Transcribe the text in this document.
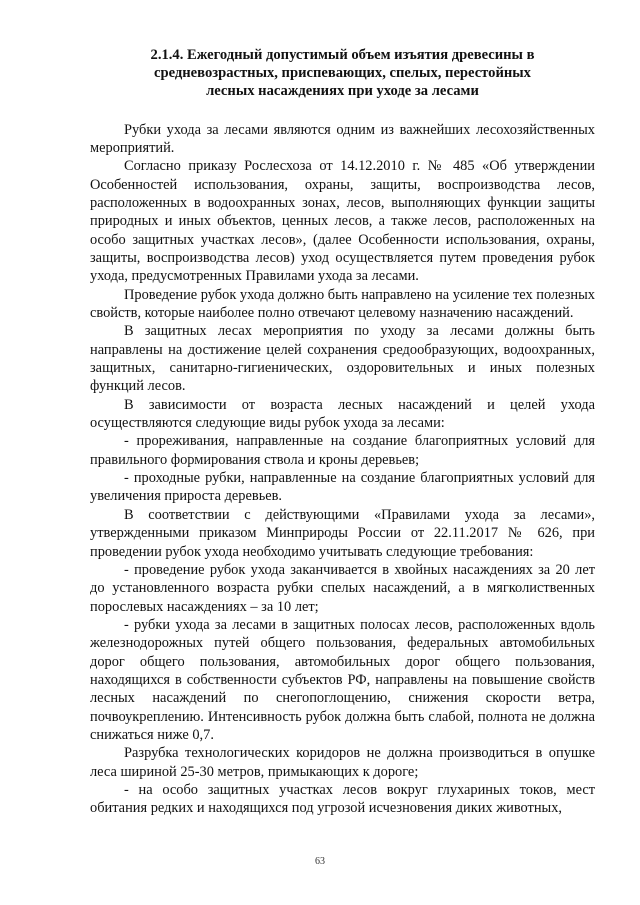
2.1.4. Ежегодный допустимый объем изъятия древесины в
средневозрастных, приспевающих, спелых, перестойных
лесных насаждениях при уходе за лесами

Рубки ухода за лесами являются одним из важнейших лесохозяйственных мероприятий.

Согласно приказу Рослесхоза от 14.12.2010 г. № 485 «Об утверждении Особенностей использования, охраны, защиты, воспроизводства лесов, расположенных в водоохранных зонах, лесов, выполняющих функции защиты природных и иных объектов, ценных лесов, а также лесов, расположенных на особо защитных участках лесов», (далее Особенности использования, охраны, защиты, воспроизводства лесов) уход осуществляется путем проведения рубок ухода, предусмотренных Правилами ухода за лесами.

Проведение рубок ухода должно быть направлено на усиление тех полезных свойств, которые наиболее полно отвечают целевому назначению насаждений.

В защитных лесах мероприятия по уходу за лесами должны быть направлены на достижение целей сохранения средообразующих, водоохранных, защитных, санитарно-гигиенических, оздоровительных и иных полезных функций лесов.

В зависимости от возраста лесных насаждений и целей ухода осуществляются следующие виды рубок ухода за лесами:

- прореживания, направленные на создание благоприятных условий для правильного формирования ствола и кроны деревьев;

- проходные рубки, направленные на создание благоприятных условий для увеличения прироста деревьев.

В соответствии с действующими «Правилами ухода за лесами», утвержденными приказом Минприроды России от 22.11.2017 № 626, при проведении рубок ухода необходимо учитывать следующие требования:

- проведение рубок ухода заканчивается в хвойных насаждениях за 20 лет до установленного возраста рубки спелых насаждений, а в мягколиственных порослевых насаждениях – за 10 лет;

- рубки ухода за лесами в защитных полосах лесов, расположенных вдоль железнодорожных путей общего пользования, федеральных автомобильных дорог общего пользования, автомобильных дорог общего пользования, находящихся в собственности субъектов РФ, направлены на повышение свойств лесных насаждений по снегопоглощению, снижения скорости ветра, почвоукреплению. Интенсивность рубок должна быть слабой, полнота не должна снижаться ниже 0,7.

Разрубка технологических коридоров не должна производиться в опушке леса шириной 25-30 метров, примыкающих к дороге;

- на особо защитных участках лесов вокруг глухариных токов, мест обитания редких и находящихся под угрозой исчезновения диких животных,

63
